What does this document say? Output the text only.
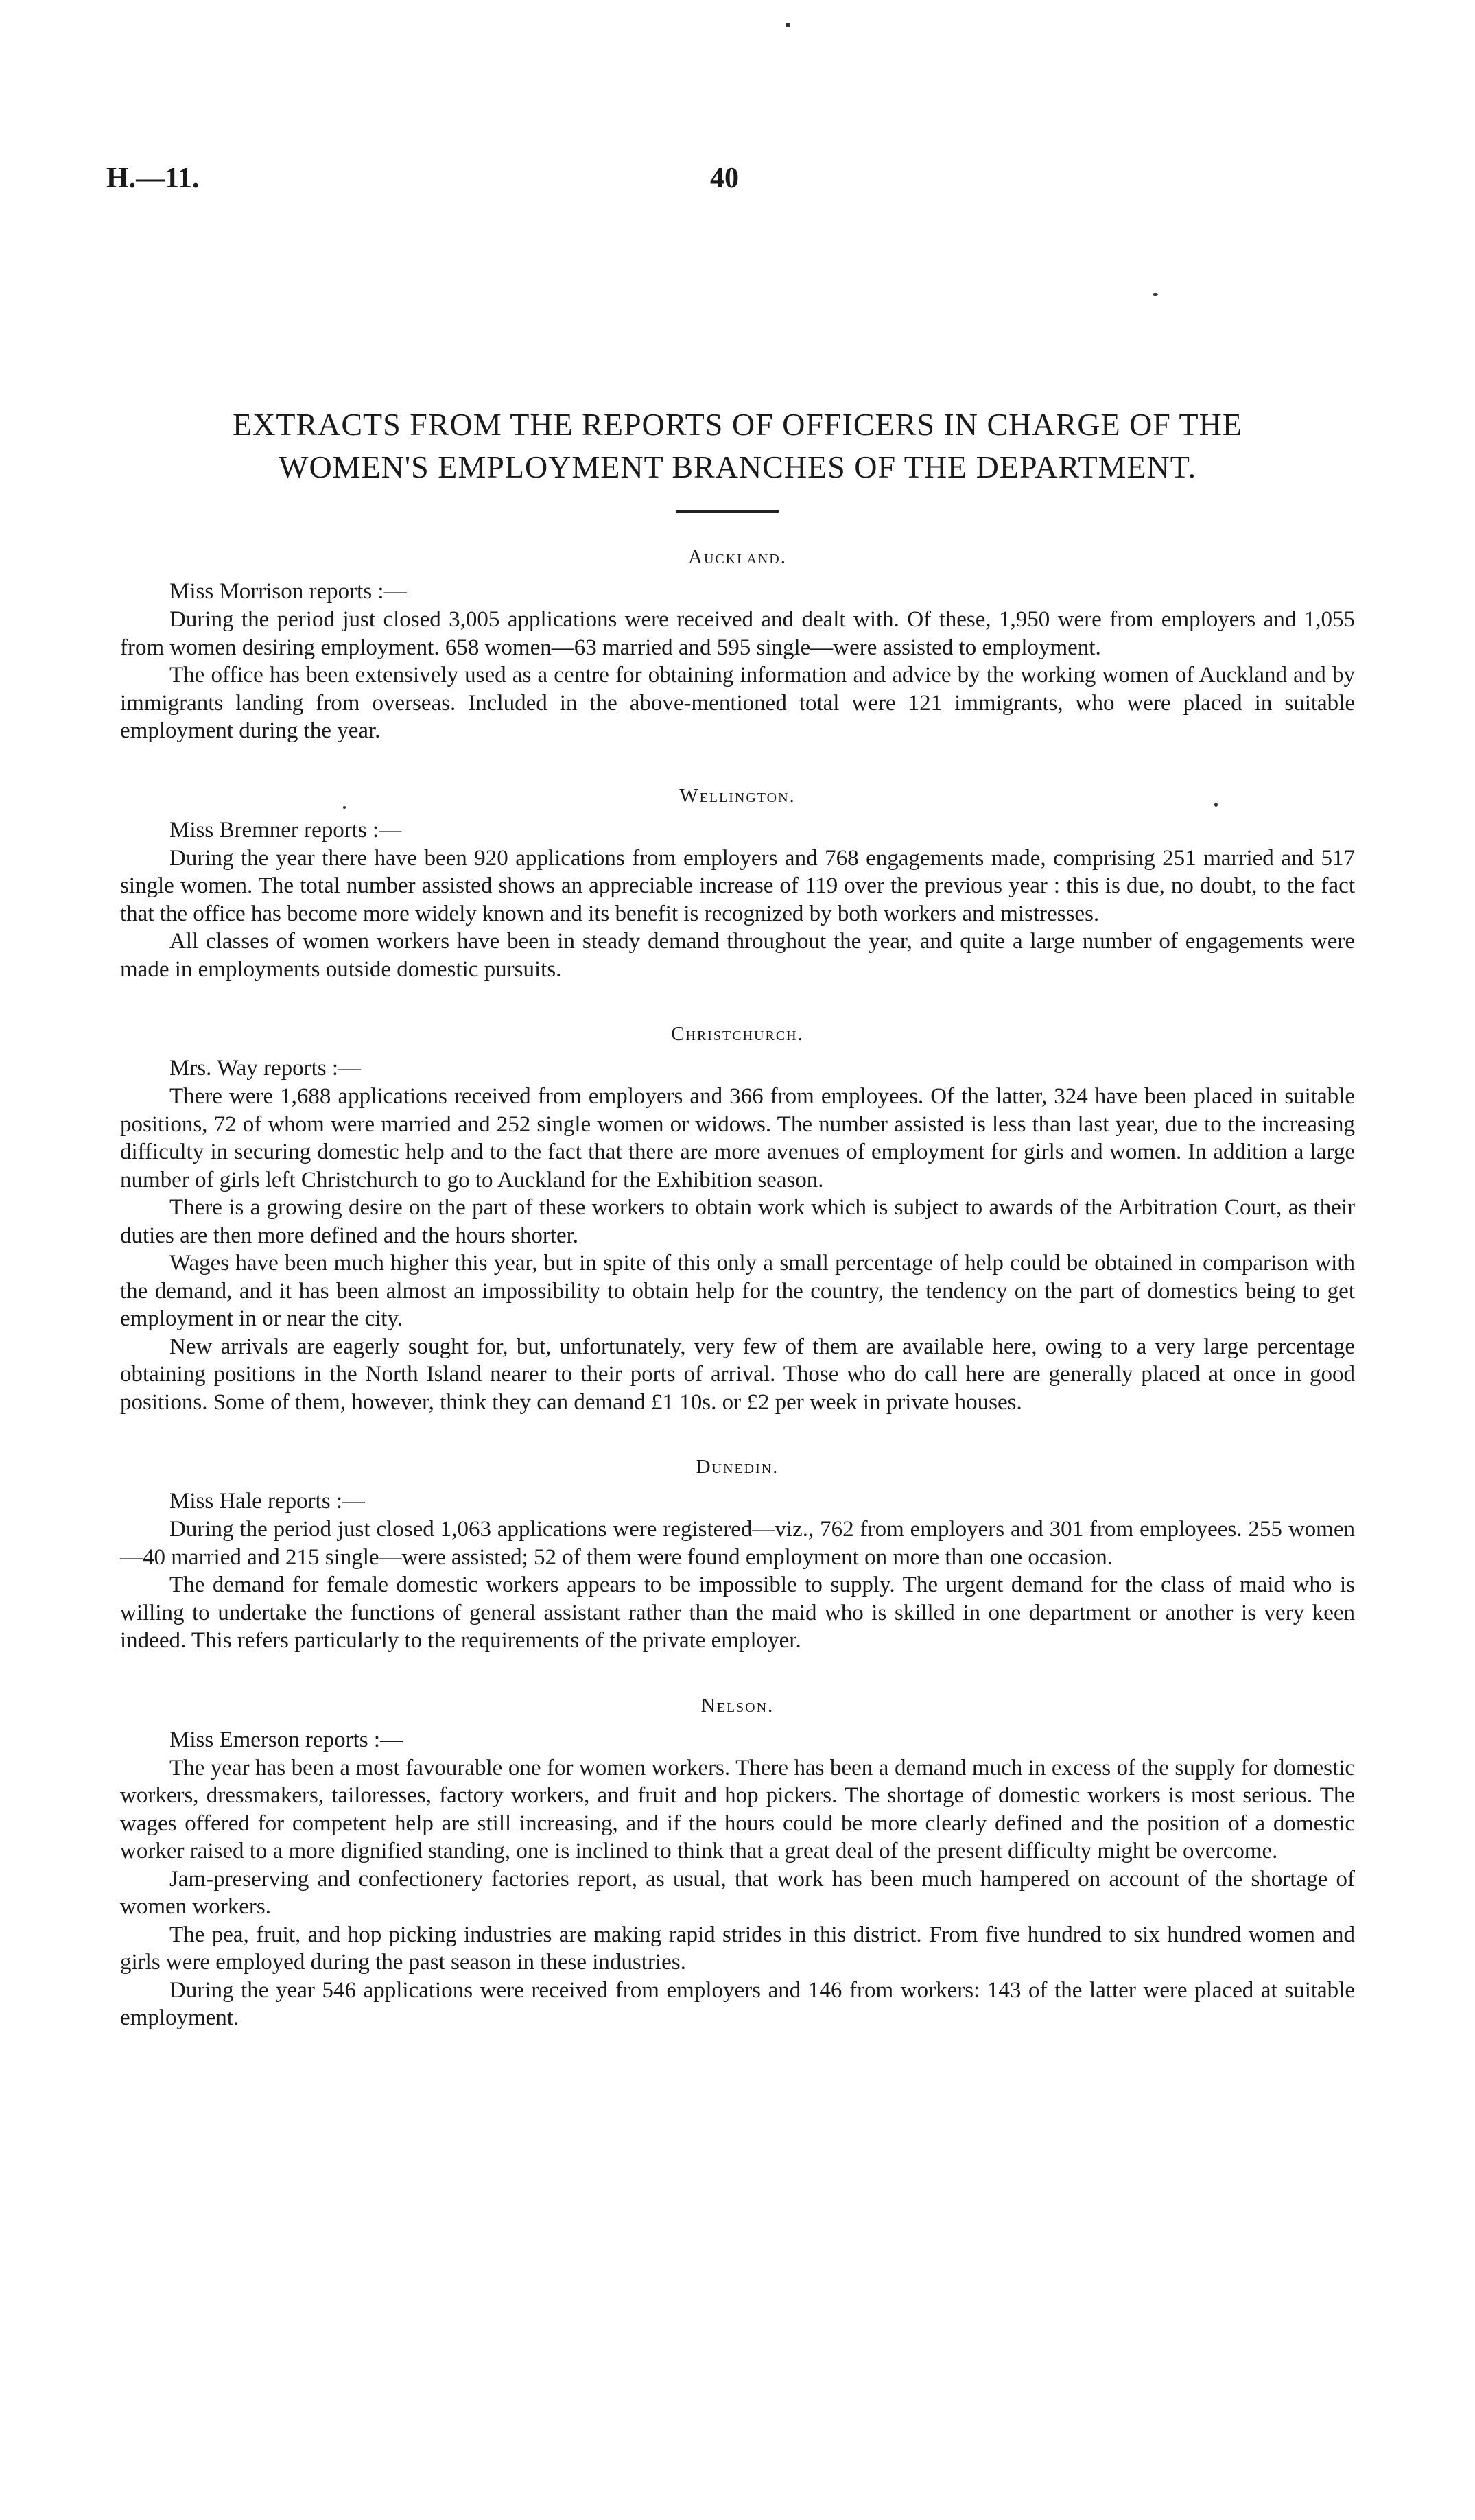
H.—11.	40
EXTRACTS FROM THE REPORTS OF OFFICERS IN CHARGE OF THE
WOMEN'S EMPLOYMENT BRANCHES OF THE DEPARTMENT.
Auckland.
Miss Morrison reports :—

During the period just closed 3,005 applications were received and dealt with. Of these, 1,950 were from employers and 1,055 from women desiring employment. 658 women—63 married and 595 single—were assisted to employment.

The office has been extensively used as a centre for obtaining information and advice by the working women of Auckland and by immigrants landing from overseas. Included in the above-mentioned total were 121 immigrants, who were placed in suitable employment during the year.

Wellington.
Miss Bremner reports :—

During the year there have been 920 applications from employers and 768 engagements made, comprising 251 married and 517 single women. The total number assisted shows an appreciable increase of 119 over the previous year : this is due, no doubt, to the fact that the office has become more widely known and its benefit is recognized by both workers and mistresses.

All classes of women workers have been in steady demand throughout the year, and quite a large number of engagements were made in employments outside domestic pursuits.

Christchurch.
Mrs. Way reports :—

There were 1,688 applications received from employers and 366 from employees. Of the latter, 324 have been placed in suitable positions, 72 of whom were married and 252 single women or widows. The number assisted is less than last year, due to the increasing difficulty in securing domestic help and to the fact that there are more avenues of employment for girls and women. In addition a large number of girls left Christchurch to go to Auckland for the Exhibition season.

There is a growing desire on the part of these workers to obtain work which is subject to awards of the Arbitration Court, as their duties are then more defined and the hours shorter.

Wages have been much higher this year, but in spite of this only a small percentage of help could be obtained in comparison with the demand, and it has been almost an impossibility to obtain help for the country, the tendency on the part of domestics being to get employment in or near the city.

New arrivals are eagerly sought for, but, unfortunately, very few of them are available here, owing to a very large percentage obtaining positions in the North Island nearer to their ports of arrival. Those who do call here are generally placed at once in good positions. Some of them, however, think they can demand £1 10s. or £2 per week in private houses.

Dunedin.
Miss Hale reports :—

During the period just closed 1,063 applications were registered—viz., 762 from employers and 301 from employees. 255 women—40 married and 215 single—were assisted; 52 of them were found employment on more than one occasion.

The demand for female domestic workers appears to be impossible to supply. The urgent demand for the class of maid who is willing to undertake the functions of general assistant rather than the maid who is skilled in one department or another is very keen indeed. This refers particularly to the requirements of the private employer.

Nelson.
Miss Emerson reports :—

The year has been a most favourable one for women workers. There has been a demand much in excess of the supply for domestic workers, dressmakers, tailoresses, factory workers, and fruit and hop pickers. The shortage of domestic workers is most serious. The wages offered for competent help are still increasing, and if the hours could be more clearly defined and the position of a domestic worker raised to a more dignified standing, one is inclined to think that a great deal of the present difficulty might be overcome.

Jam-preserving and confectionery factories report, as usual, that work has been much hampered on account of the shortage of women workers.

The pea, fruit, and hop picking industries are making rapid strides in this district. From five hundred to six hundred women and girls were employed during the past season in these industries.

During the year 546 applications were received from employers and 146 from workers: 143 of the latter were placed at suitable employment.
